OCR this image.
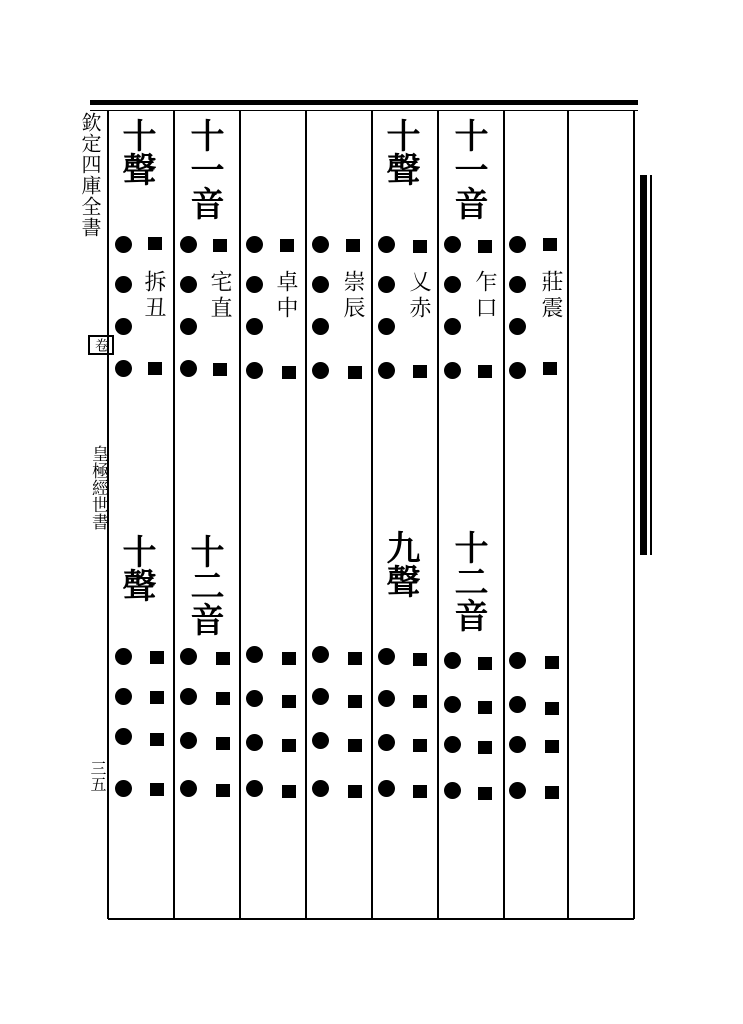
欽定四庫全書
卷
皇極經世書
三五
十聲
拆丑
十聲
十一音
宅直
十二音
卓中 崇辰
十聲
乂赤
九聲
十一音
乍口
十二音
莊震
